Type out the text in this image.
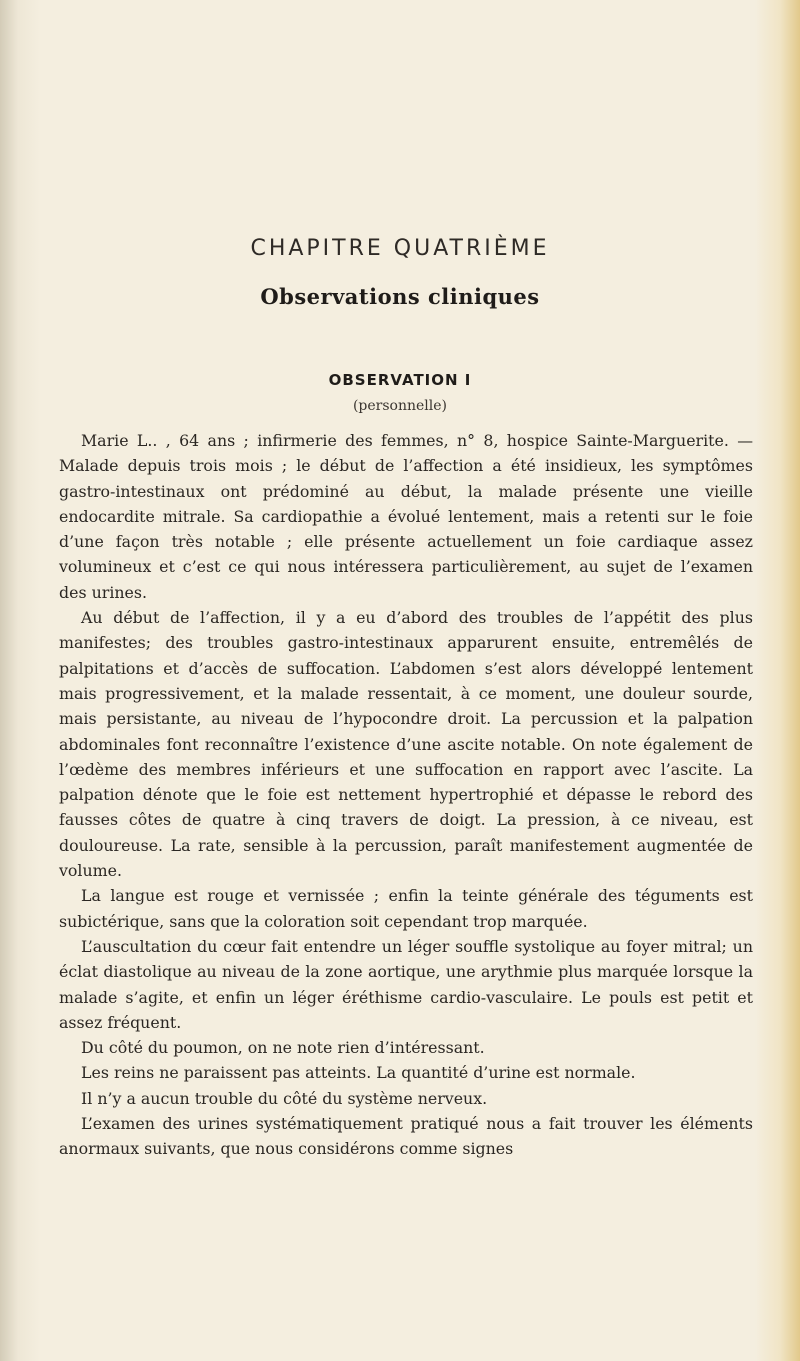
CHAPITRE QUATRIÈME
Observations cliniques
OBSERVATION I
(personnelle)

Marie L.. , 64 ans ; infirmerie des femmes, n° 8, hospice Sainte-Marguerite. — Malade depuis trois mois ; le début de l’affection a été insidieux, les symptômes gastro-intestinaux ont prédominé au début, la malade présente une vieille endocardite mitrale. Sa cardiopathie a évolué lentement, mais a retenti sur le foie d’une façon très notable ; elle présente actuellement un foie cardiaque assez volumineux et c’est ce qui nous intéressera particulièrement, au sujet de l’examen des urines.

Au début de l’affection, il y a eu d’abord des troubles de l’appétit des plus manifestes; des troubles gastro-intestinaux apparurent ensuite, entremêlés de palpitations et d’accès de suffocation. L’abdomen s’est alors développé lentement mais progressivement, et la malade ressentait, à ce moment, une douleur sourde, mais persistante, au niveau de l’hypocondre droit. La percussion et la palpation abdominales font reconnaître l’existence d’une ascite notable. On note également de l’œdème des membres inférieurs et une suffocation en rapport avec l’ascite. La palpation dénote que le foie est nettement hypertrophié et dépasse le rebord des fausses côtes de quatre à cinq travers de doigt. La pression, à ce niveau, est douloureuse. La rate, sensible à la percussion, paraît manifestement augmentée de volume.

La langue est rouge et vernissée ; enfin la teinte générale des téguments est subictérique, sans que la coloration soit cependant trop marquée.

L’auscultation du cœur fait entendre un léger souffle systolique au foyer mitral; un éclat diastolique au niveau de la zone aortique, une arythmie plus marquée lorsque la malade s’agite, et enfin un léger éréthisme cardio-vasculaire. Le pouls est petit et assez fréquent.

Du côté du poumon, on ne note rien d’intéressant.

Les reins ne paraissent pas atteints. La quantité d’urine est normale.

Il n’y a aucun trouble du côté du système nerveux.

L’examen des urines systématiquement pratiqué nous a fait trouver les éléments anormaux suivants, que nous considérons comme signes
